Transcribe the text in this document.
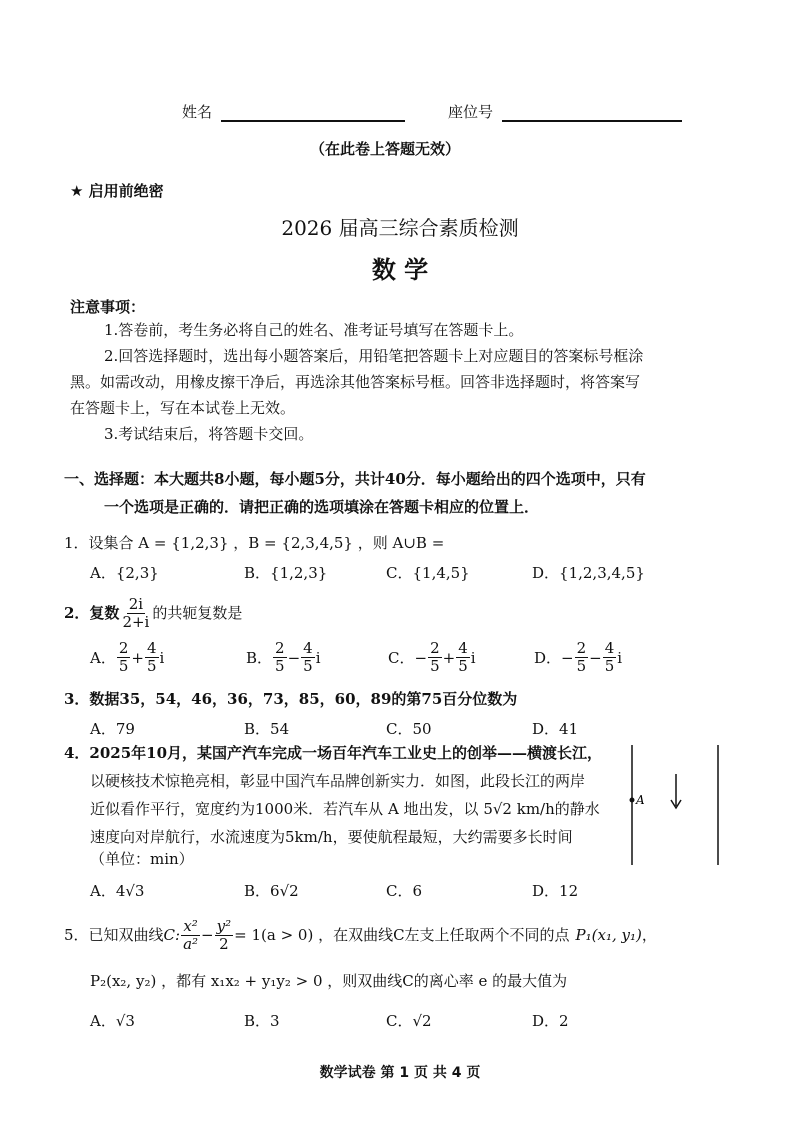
姓名	座位号
（在此卷上答题无效）
★ 启用前绝密
2026 届高三综合素质检测
数 学
注意事项：
1.答卷前，考生务必将自己的姓名、准考证号填写在答题卡上。
2.回答选择题时，选出每小题答案后，用铅笔把答题卡上对应题目的答案标号框涂
黑。如需改动，用橡皮擦干净后，再选涂其他答案标号框。回答非选择题时，将答案写
在答题卡上，写在本试卷上无效。
3.考试结束后，将答题卡交回。
一、选择题：本大题共8小题，每小题5分，共计40分．每小题给出的四个选项中，只有
一个选项是正确的．请把正确的选项填涂在答题卡相应的位置上．
1．设集合 A = {1,2,3} ，B = {2,3,4,5} ，则 A∪B =
A．{2,3}	B．{1,2,3}	C．{1,4,5}	D．{1,2,3,4,5}
2．复数 $\frac{2i}{2+i}$ 的共轭复数是
A． $\frac{2}{5} + \frac{4}{5}$ i	B． $\frac{2}{5} - \frac{4}{5}$ i	C． − $\frac{2}{5} + \frac{4}{5}$ i	D． − $\frac{2}{5} - \frac{4}{5}$ i
3．数据35，54，46，36，73，85，60，89的第75百分位数为
A．79	B．54	C．50	D．41
4．2025年10月，某国产汽车完成一场百年汽车工业史上的创举——横渡长江，
以硬核技术惊艳亮相，彰显中国汽车品牌创新实力．如图，此段长江的两岸
近似看作平行，宽度约为1000米．若汽车从 A 地出发，以 5√2 km/h的静水
速度向对岸航行，水流速度为5km/h，要使航程最短，大约需要多长时间
（单位：min）
A．4√3	B．6√2	C．6	D．12
A
5．已知双曲线 C: $\frac{\text{x²}}{\text{a²}} - \frac{\text{y²}}{2} = 1(a > 0)$ ，在双曲线C左支上任取两个不同的点 P₁(x₁, y₁) ，
P₂(x₂, y₂) ，都有 x₁x₂ + y₁y₂ > 0 ，则双曲线C的离心率 e 的最大值为
A．√3	B．3	C．√2	D．2
数学试卷 第 1 页 共 4 页
